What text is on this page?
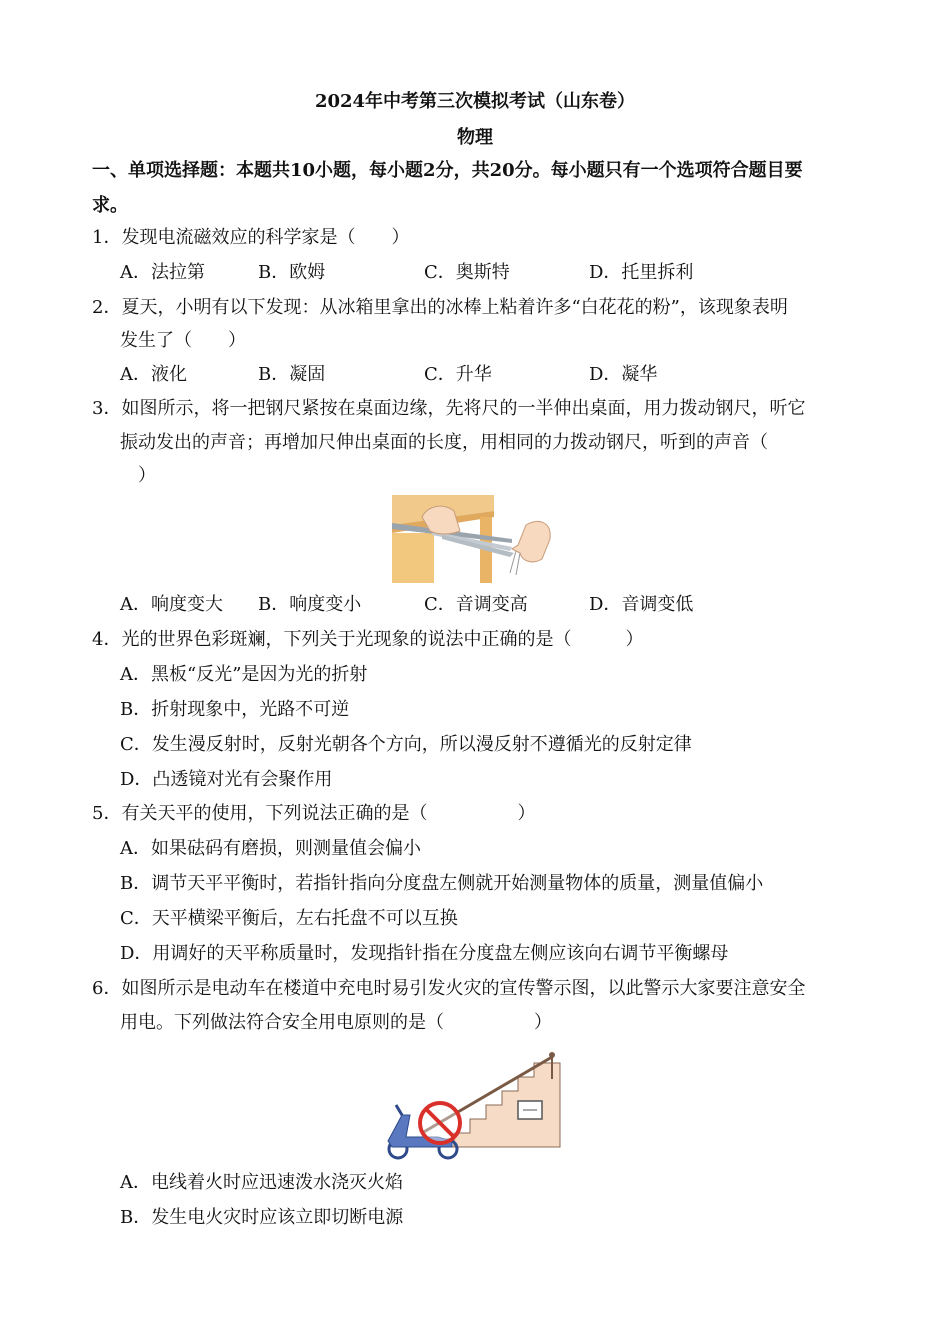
2024年中考第三次模拟考试（山东卷）
物理
一、单项选择题：本题共10小题，每小题2分，共20分。每小题只有一个选项符合题目要
求。
1．发现电流磁效应的科学家是（　　）
A．法拉第	B．欧姆	C．奥斯特	D．托里拆利
2．夏天，小明有以下发现：从冰箱里拿出的冰棒上粘着许多“白花花的粉”，该现象表明
发生了（　　）
A．液化	B．凝固	C．升华	D．凝华
3．如图所示，将一把钢尺紧按在桌面边缘，先将尺的一半伸出桌面，用力拨动钢尺，听它
振动发出的声音；再增加尺伸出桌面的长度，用相同的力拨动钢尺，听到的声音（
）
A．响度变大 B．响度变小	C．音调变高	D．音调变低
4．光的世界色彩斑斓，下列关于光现象的说法中正确的是（　　　）
A．黑板“反光”是因为光的折射
B．折射现象中，光路不可逆
C．发生漫反射时，反射光朝各个方向，所以漫反射不遵循光的反射定律
D．凸透镜对光有会聚作用
5．有关天平的使用，下列说法正确的是（　　　　　）
A．如果砝码有磨损，则测量值会偏小
B．调节天平平衡时，若指针指向分度盘左侧就开始测量物体的质量，测量值偏小
C．天平横梁平衡后，左右托盘不可以互换
D．用调好的天平称质量时，发现指针指在分度盘左侧应该向右调节平衡螺母
6．如图所示是电动车在楼道中充电时易引发火灾的宣传警示图，以此警示大家要注意安全
用电。下列做法符合安全用电原则的是（　　　　　）
A．电线着火时应迅速泼水浇灭火焰
B．发生电火灾时应该立即切断电源
